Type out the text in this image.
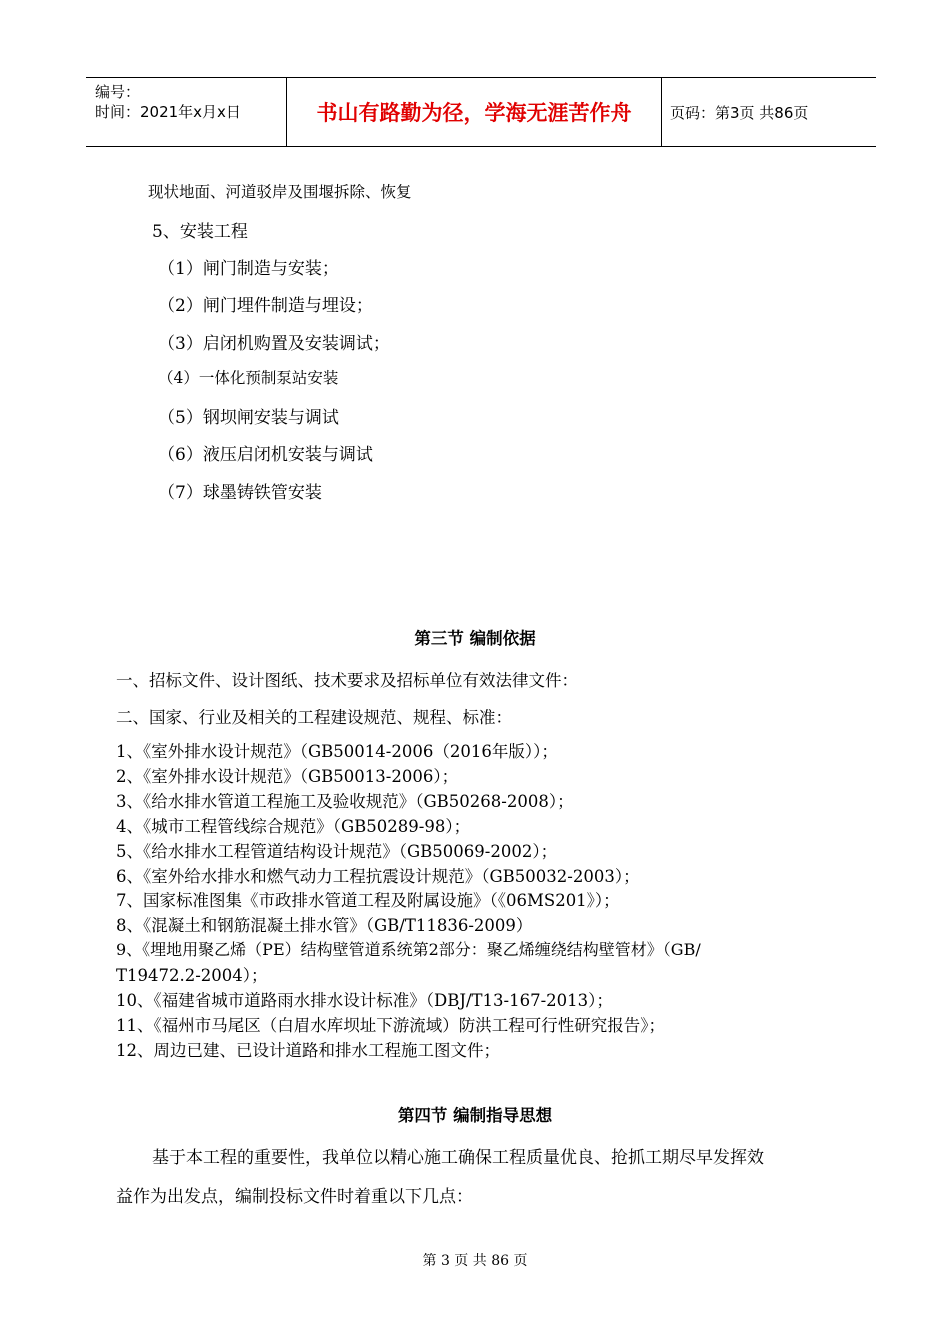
编号：
时间：2021年x月x日	书山有路勤为径，学海无涯苦作舟	页码：第3页 共86页
现状地面、河道驳岸及围堰拆除、恢复
5、安装工程
（1）闸门制造与安装；
（2）闸门埋件制造与埋设；
（3）启闭机购置及安装调试；
（4）一体化预制泵站安装
（5）钢坝闸安装与调试
（6）液压启闭机安装与调试
（7）球墨铸铁管安装
第三节 编制依据
一、招标文件、设计图纸、技术要求及招标单位有效法律文件：
二、国家、行业及相关的工程建设规范、规程、标准：
1、《室外排水设计规范》（GB50014-2006（2016年版））；
2、《室外排水设计规范》（GB50013-2006）；
3、《给水排水管道工程施工及验收规范》（GB50268-2008）；
4、《城市工程管线综合规范》（GB50289-98）；
5、《给水排水工程管道结构设计规范》（GB50069-2002）；
6、《室外给水排水和燃气动力工程抗震设计规范》（GB50032-2003）；
7、国家标准图集《市政排水管道工程及附属设施》（《06MS201》）；
8、《混凝土和钢筋混凝土排水管》（GB/T11836-2009）
9、《埋地用聚乙烯（PE）结构壁管道系统第2部分：聚乙烯缠绕结构壁管材》（GB/
T19472.2-2004）；
10、《福建省城市道路雨水排水设计标准》（DBJ/T13-167-2013）；
11、《福州市马尾区（白眉水库坝址下游流域）防洪工程可行性研究报告》；
12、周边已建、已设计道路和排水工程施工图文件；
第四节 编制指导思想
基于本工程的重要性，我单位以精心施工确保工程质量优良、抢抓工期尽早发挥效
益作为出发点，编制投标文件时着重以下几点：
第 3 页 共 86 页
